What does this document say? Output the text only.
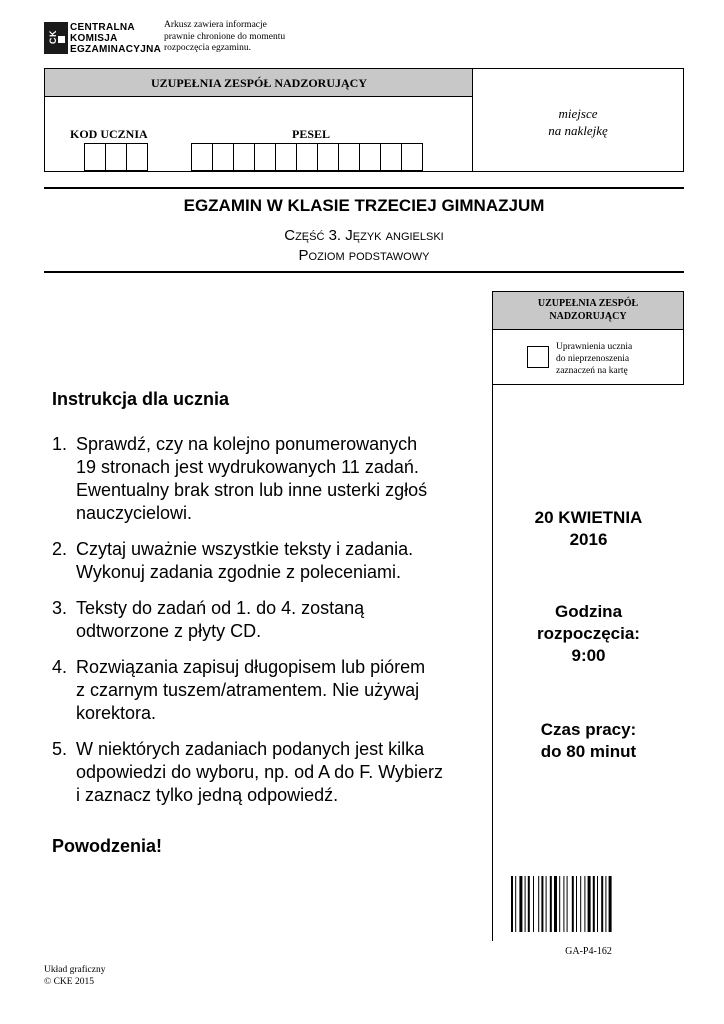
CK
CENTRALNA
KOMISJA
EGZAMINACYJNA
Arkusz zawiera informacje
prawnie chronione do momentu
rozpoczęcia egzaminu.
UZUPEŁNIA ZESPÓŁ NADZORUJĄCY
KOD UCZNIA	PESEL
miejsce
na naklejkę
EGZAMIN W KLASIE TRZECIEJ GIMNAZJUM
Część 3. Język angielski
Poziom podstawowy
UZUPEŁNIA ZESPÓŁ
NADZORUJĄCY
Uprawnienia ucznia
do nieprzenoszenia
zaznaczeń na kartę
20 KWIETNIA
2016
Godzina
rozpoczęcia:
9:00
Czas pracy:
do 80 minut
Instrukcja dla ucznia
1. Sprawdź, czy na kolejno ponumerowanych
19 stronach jest wydrukowanych 11 zadań.
Ewentualny brak stron lub inne usterki zgłoś
nauczycielowi.
2. Czytaj uważnie wszystkie teksty i zadania.
Wykonuj zadania zgodnie z poleceniami.
3. Teksty do zadań od 1. do 4. zostaną
odtworzone z płyty CD.
4. Rozwiązania zapisuj długopisem lub piórem
z czarnym tuszem/atramentem. Nie używaj
korektora.
5. W niektórych zadaniach podanych jest kilka
odpowiedzi do wyboru, np. od A do F. Wybierz
i zaznacz tylko jedną odpowiedź.
Powodzenia!
GA-P4-162
Układ graficzny
© CKE 2015
